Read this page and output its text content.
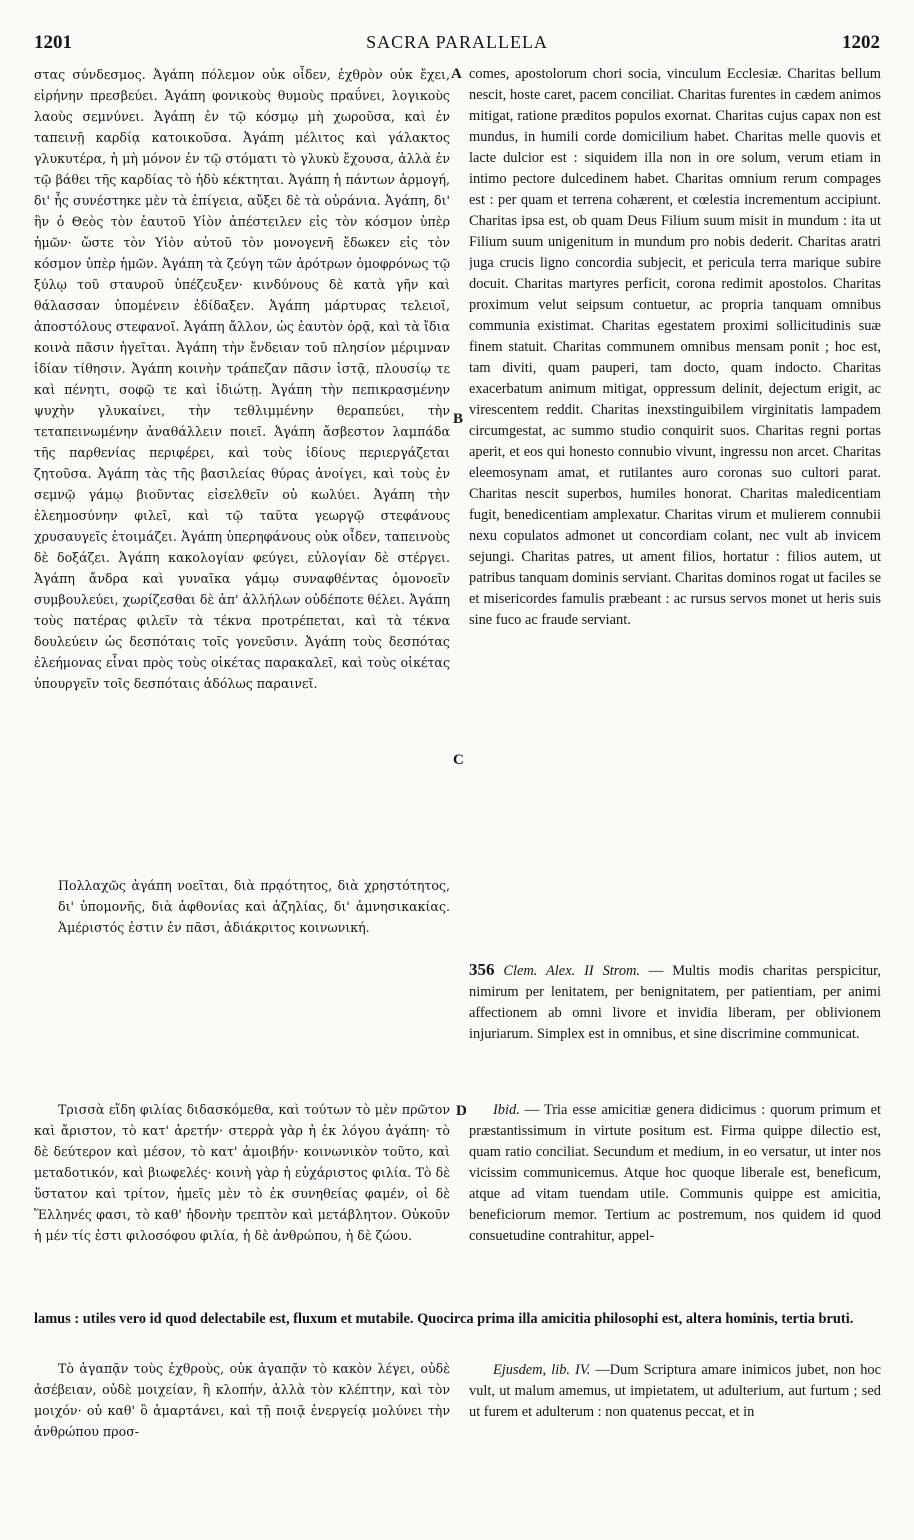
1201	SACRA PARALLELA	1202

στας σύνδεσμος. Ἀγάπη πόλεμον οὐκ οἶδεν, ἐχθρὸν οὐκ ἔχει, εἰρήνην πρεσβεύει. Ἀγάπη φονικοὺς θυμοὺς πραΰνει, λογικοὺς λαοὺς σεμνύνει. Ἀγάπη ἐν τῷ κόσμῳ μὴ χωροῦσα, καὶ ἐν ταπεινῇ καρδίᾳ κατοικοῦσα. Ἀγάπη μέλιτος καὶ γάλακτος γλυκυτέρα, ἡ μὴ μόνον ἐν τῷ στόματι τὸ γλυκὺ ἔχουσα, ἀλλὰ ἐν τῷ βάθει τῆς καρδίας τὸ ἡδὺ κέκτηται. Ἀγάπη ἡ πάντων ἁρμογή, δι' ἧς συνέστηκε μὲν τὰ ἐπίγεια, αὔξει δὲ τὰ οὐράνια. Ἀγάπη, δι' ἣν ὁ Θεὸς τὸν ἑαυτοῦ Υἱὸν ἀπέστειλεν εἰς τὸν κόσμον ὑπὲρ ἡμῶν· ὥστε τὸν Υἱὸν αὐτοῦ τὸν μονογενῆ ἔδωκεν εἰς τὸν κόσμον ὑπὲρ ἡμῶν. Ἀγάπη τὰ ζεύγη τῶν ἀρότρων ὁμοφρόνως τῷ ξύλῳ τοῦ σταυροῦ ὑπέζευξεν· κινδύνους δὲ κατὰ γῆν καὶ θάλασσαν ὑπομένειν ἐδίδαξεν. Ἀγάπη μάρτυρας τελειοῖ, ἀποστόλους στεφανοῖ. Ἀγάπη ἄλλον, ὡς ἑαυτὸν ὁρᾷ, καὶ τὰ ἴδια κοινὰ πᾶσιν ἡγεῖται. Ἀγάπη τὴν ἔνδειαν τοῦ πλησίον μέριμναν ἰδίαν τίθησιν. Ἀγάπη κοινὴν τράπεζαν πᾶσιν ἱστᾷ, πλουσίῳ τε καὶ πένητι, σοφῷ τε καὶ ἰδιώτῃ. Ἀγάπη τὴν πεπικρασμένην ψυχὴν γλυκαίνει, τὴν τεθλιμμένην θεραπεύει, τὴν τεταπεινωμένην ἀναθάλλειν ποιεῖ. Ἀγάπη ἄσβεστον λαμπάδα τῆς παρθενίας περιφέρει, καὶ τοὺς ἰδίους περιεργάζεται ζητοῦσα. Ἀγάπη τὰς τῆς βασιλείας θύρας ἀνοίγει, καὶ τοὺς ἐν σεμνῷ γάμῳ βιοῦντας εἰσελθεῖν οὐ κωλύει. Ἀγάπη τὴν ἐλεημοσύνην φιλεῖ, καὶ τῷ ταῦτα γεωργῷ στεφάνους χρυσαυγεῖς ἑτοιμάζει. Ἀγάπη ὑπερηφάνους οὐκ οἶδεν, ταπεινοὺς δὲ δοξάζει. Ἀγάπη κακολογίαν φεύγει, εὐλογίαν δὲ στέργει. Ἀγάπη ἄνδρα καὶ γυναῖκα γάμῳ συναφθέντας ὁμονοεῖν συμβουλεύει, χωρίζεσθαι δὲ ἀπ' ἀλλήλων οὐδέποτε θέλει. Ἀγάπη τοὺς πατέρας φιλεῖν τὰ τέκνα προτρέπεται, καὶ τὰ τέκνα δουλεύειν ὡς δεσπόταις τοῖς γονεῦσιν. Ἀγάπη τοὺς δεσπότας ἐλεήμονας εἶναι πρὸς τοὺς οἰκέτας παρακαλεῖ, καὶ τοὺς οἰκέτας ὑπουργεῖν τοῖς δεσπόταις ἀδόλως παραινεῖ.

Πολλαχῶς ἀγάπη νοεῖται, διὰ πρᾳότητος, διὰ χρηστότητος, δι' ὑπομονῆς, διὰ ἀφθονίας καὶ ἀζηλίας, δι' ἀμνησικακίας. Ἀμέριστός ἐστιν ἐν πᾶσι, ἀδιάκριτος κοινωνική.

Τρισσὰ εἴδη φιλίας διδασκόμεθα, καὶ τούτων τὸ μὲν πρῶτον καὶ ἄριστον, τὸ κατ' ἀρετήν· στερρὰ γὰρ ἡ ἐκ λόγου ἀγάπη· τὸ δὲ δεύτερον καὶ μέσον, τὸ κατ' ἀμοιβήν· κοινωνικὸν τοῦτο, καὶ μεταδοτικόν, καὶ βιωφελές· κοινὴ γὰρ ἡ εὐχάριστος φιλία. Τὸ δὲ ὕστατον καὶ τρίτον, ἡμεῖς μὲν τὸ ἐκ συνηθείας φαμέν, οἱ δὲ Ἕλληνές φασι, τὸ καθ' ἡδονὴν τρεπτὸν καὶ μετάβλητον. Οὐκοῦν ἡ μέν τίς ἐστι φιλοσόφου φιλία, ἡ δὲ ἀνθρώπου, ἡ δὲ ζώου.

Τὸ ἀγαπᾷν τοὺς ἐχθροὺς, οὐκ ἀγαπᾷν τὸ κακὸν λέγει, οὐδὲ ἀσέβειαν, οὐδὲ μοιχείαν, ἢ κλοπήν, ἀλλὰ τὸν κλέπτην, καὶ τὸν μοιχόν· οὐ καθ' ὃ ἁμαρτάνει, καὶ τῇ ποιᾷ ἐνεργείᾳ μολύνει τὴν ἀνθρώπου προσ-

A
B
C
D

comes, apostolorum chori socia, vinculum Ecclesiæ. Charitas bellum nescit, hoste caret, pacem conciliat. Charitas furentes in cædem animos mitigat, ratione præditos populos exornat. Charitas cujus capax non est mundus, in humili corde domicilium habet. Charitas melle quovis et lacte dulcior est : siquidem illa non in ore solum, verum etiam in intimo pectore dulcedinem habet. Charitas omnium rerum compages est : per quam et terrena cohærent, et cœlestia incrementum accipiunt. Charitas ipsa est, ob quam Deus Filium suum misit in mundum : ita ut Filium suum unigenitum in mundum pro nobis dederit. Charitas aratri juga crucis ligno concordia subjecit, et pericula terra marique subire docuit. Charitas martyres perficit, corona redimit apostolos. Charitas proximum velut seipsum contuetur, ac propria tanquam omnibus communia existimat. Charitas egestatem proximi sollicitudinis suæ finem statuit. Charitas communem omnibus mensam ponit ; hoc est, tam diviti, quam pauperi, tam docto, quam indocto. Charitas exacerbatum animum mitigat, oppressum delinit, dejectum erigit, ac virescentem reddit. Charitas inexstinguibilem virginitatis lampadem circumgestat, ac summo studio conquirit suos. Charitas regni portas aperit, et eos qui honesto connubio vivunt, ingressu non arcet. Charitas eleemosynam amat, et rutilantes auro coronas suo cultori parat. Charitas nescit superbos, humiles honorat. Charitas maledicentiam fugit, benedicentiam amplexatur. Charitas virum et mulierem connubii nexu copulatos admonet ut concordiam colant, nec vult ab invicem sejungi. Charitas patres, ut ament filios, hortatur : filios autem, ut patribus tanquam dominis serviant. Charitas dominos rogat ut faciles se et misericordes famulis præbeant : ac rursus servos monet ut heris suis sine fuco ac fraude serviant.

356 Clem. Alex. II Strom. — Multis modis charitas perspicitur, nimirum per lenitatem, per benignitatem, per patientiam, per animi affectionem ab omni livore et invidia liberam, per oblivionem injuriarum. Simplex est in omnibus, et sine discrimine communicat.

Ibid. — Tria esse amicitiæ genera didicimus : quorum primum et præstantissimum in virtute positum est. Firma quippe dilectio est, quam ratio conciliat. Secundum et medium, in eo versatur, ut inter nos vicissim communicemus. Atque hoc quoque liberale est, beneficum, atque ad vitam tuendam utile. Communis quippe est amicitia, beneficiorum memor. Tertium ac postremum, nos quidem id quod consuetudine contrahitur, appel-

lamus : utiles vero id quod delectabile est, fluxum et mutabile. Quocirca prima illa amicitia philosophi est, altera hominis, tertia bruti.

Ejusdem, lib. IV. —Dum Scriptura amare inimicos jubet, non hoc vult, ut malum amemus, ut impietatem, ut adulterium, aut furtum ; sed ut furem et adulterum : non quatenus peccat, et in
